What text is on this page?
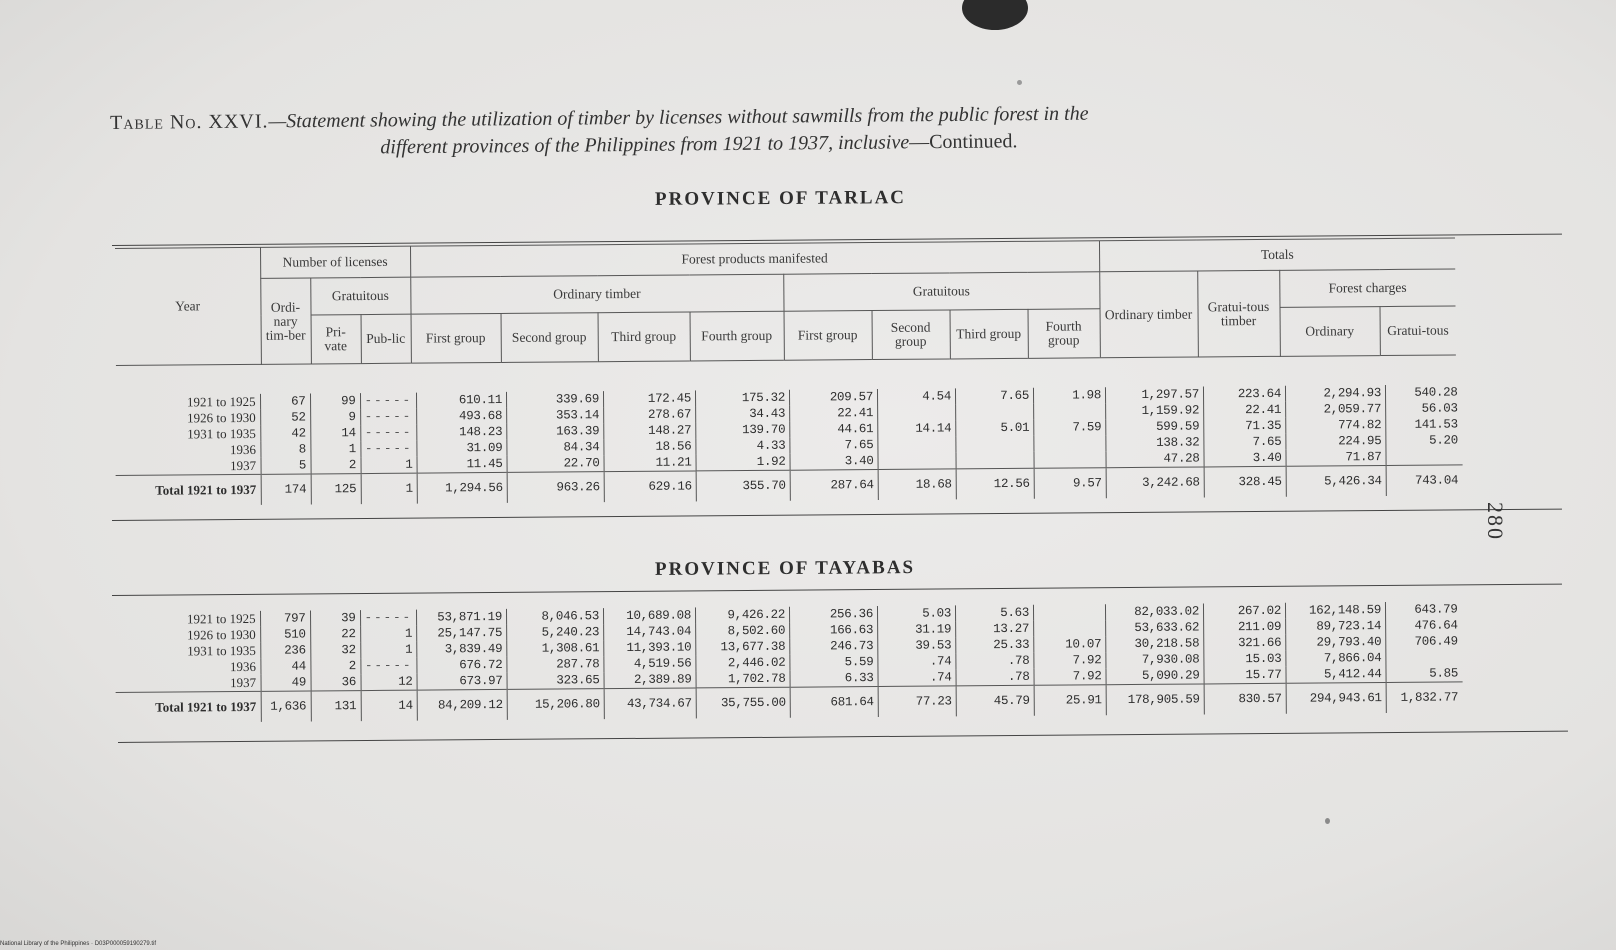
Table No. XXVI.—Statement showing the utilization of timber by licenses without sawmills from the public forest in the
different provinces of the Philippines from 1921 to 1937, inclusive—Continued.
PROVINCE OF TARLAC
Year	Number of licenses			Forest products manifested								Totals			
	Ordi-nary tim-ber	Gratuitous		Ordinary timber				Gratuitous				Ordinary timber	Gratui-tous timber	Forest charges	
		Pri-vate	Pub-lic	First group	Second group	Third group	Fourth group	First group	Second group	Third group	Fourth group			Ordinary	Gratui-tous
1921 to 1925	67	99	-----	610.11	339.69	172.45	175.32	209.57	4.54	7.65	1.98	1,297.57	223.64	2,294.93	540.28
1926 to 1930	52	9	-----	493.68	353.14	278.67	34.43	22.41				1,159.92	22.41	2,059.77	56.03
1931 to 1935	42	14	-----	148.23	163.39	148.27	139.70	44.61	14.14	5.01	7.59	599.59	71.35	774.82	141.53
1936	8	1	-----	31.09	84.34	18.56	4.33	7.65				138.32	7.65	224.95	5.20
1937	5	2	1	11.45	22.70	11.21	1.92	3.40				47.28	3.40	71.87	
Total 1921 to 1937	174	125	1	1,294.56	963.26	629.16	355.70	287.64	18.68	12.56	9.57	3,242.68	328.45	5,426.34	743.04
PROVINCE OF TAYABAS
1921 to 1925	797	39	-----	53,871.19	8,046.53	10,689.08	9,426.22	256.36	5.03	5.63		82,033.02	267.02	162,148.59	643.79
1926 to 1930	510	22	1	25,147.75	5,240.23	14,743.04	8,502.60	166.63	31.19	13.27		53,633.62	211.09	89,723.14	476.64
1931 to 1935	236	32	1	3,839.49	1,308.61	11,393.10	13,677.38	246.73	39.53	25.33	10.07	30,218.58	321.66	29,793.40	706.49
1936	44	2	-----	676.72	287.78	4,519.56	2,446.02	5.59	.74	.78	7.92	7,930.08	15.03	7,866.04	
1937	49	36	12	673.97	323.65	2,389.89	1,702.78	6.33	.74	.78	7.92	5,090.29	15.77	5,412.44	5.85
Total 1921 to 1937	1,636	131	14	84,209.12	15,206.80	43,734.67	35,755.00	681.64	77.23	45.79	25.91	178,905.59	830.57	294,943.61	1,832.77
280
National Library of the Philippines · D03P000059190279.tif
